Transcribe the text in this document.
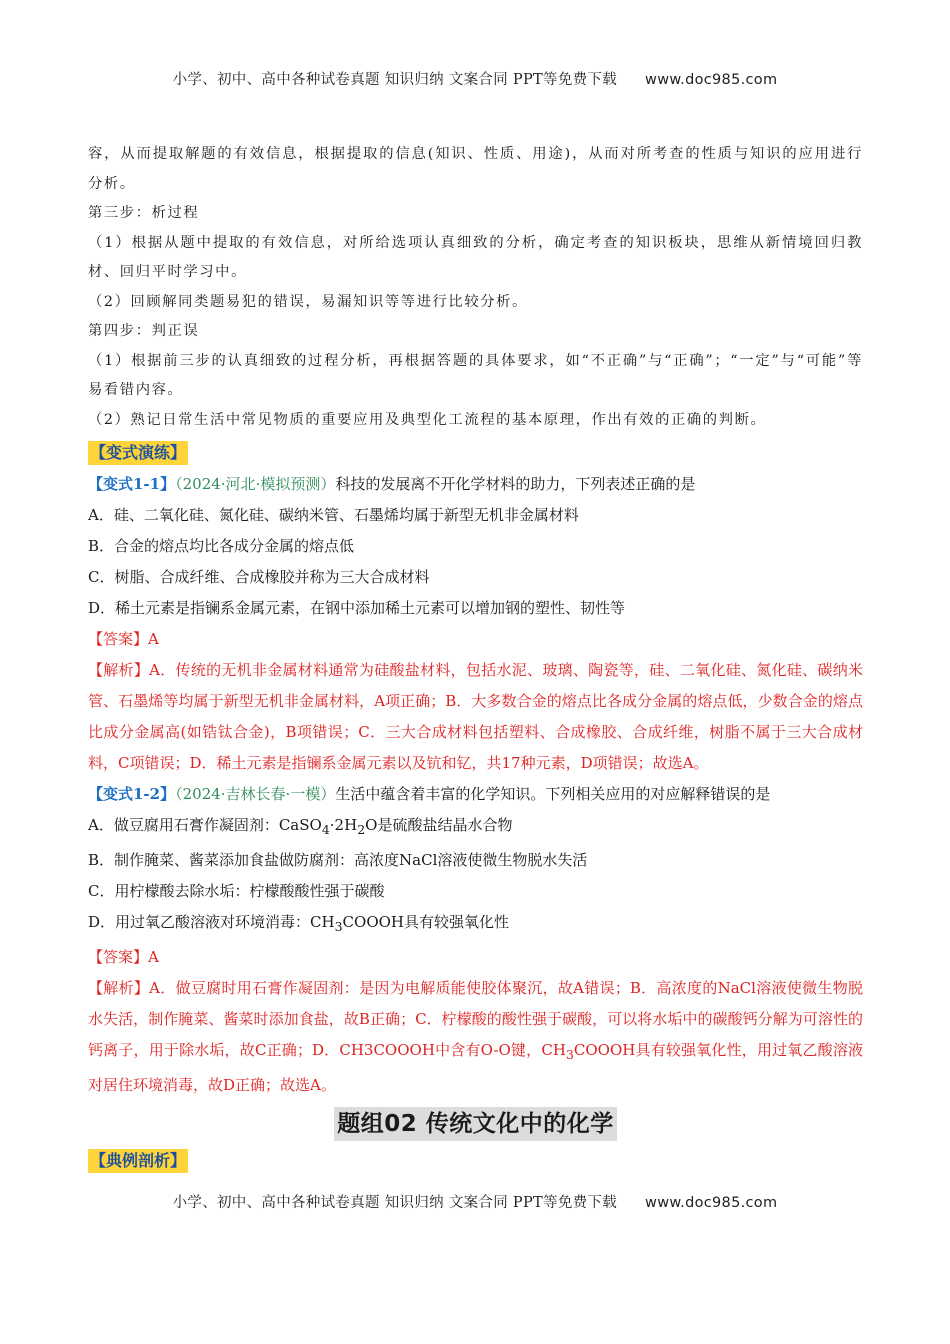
小学、初中、高中各种试卷真题 知识归纳 文案合同 PPT等免费下载 www.doc985.com

容，从而提取解题的有效信息，根据提取的信息(知识、性质、用途)，从而对所考查的性质与知识的应用进行分析。

第三步：析过程

（1）根据从题中提取的有效信息，对所给选项认真细致的分析，确定考查的知识板块，思维从新情境回归教材、回归平时学习中。

（2）回顾解同类题易犯的错误，易漏知识等等进行比较分析。

第四步：判正误

（1）根据前三步的认真细致的过程分析，再根据答题的具体要求，如“不正确”与“正确”；“一定”与“可能”等易看错内容。

（2）熟记日常生活中常见物质的重要应用及典型化工流程的基本原理，作出有效的正确的判断。

【变式演练】

【变式1-1】（2024·河北·模拟预测）科技的发展离不开化学材料的助力，下列表述正确的是

A．硅、二氧化硅、氮化硅、碳纳米管、石墨烯均属于新型无机非金属材料

B．合金的熔点均比各成分金属的熔点低

C．树脂、合成纤维、合成橡胶并称为三大合成材料

D．稀土元素是指镧系金属元素，在钢中添加稀土元素可以增加钢的塑性、韧性等

【答案】A

【解析】A．传统的无机非金属材料通常为硅酸盐材料，包括水泥、玻璃、陶瓷等，硅、二氧化硅、氮化硅、碳纳米管、石墨烯等均属于新型无机非金属材料，A项正确；B．大多数合金的熔点比各成分金属的熔点低，少数合金的熔点比成分金属高(如锆钛合金)，B项错误；C．三大合成材料包括塑料、合成橡胶、合成纤维，树脂不属于三大合成材料，C项错误；D．稀土元素是指镧系金属元素以及钪和钇，共17种元素，D项错误；故选A。

【变式1-2】（2024·吉林长春·一模）生活中蕴含着丰富的化学知识。下列相关应用的对应解释错误的是

A．做豆腐用石膏作凝固剂：$CaSO_4\cdot 2H_2O$是硫酸盐结晶水合物

B．制作腌菜、酱菜添加食盐做防腐剂：高浓度NaCl溶液使微生物脱水失活

C．用柠檬酸去除水垢：柠檬酸酸性强于碳酸

D．用过氧乙酸溶液对环境消毒：$CH_3COOOH$具有较强氧化性

【答案】A

【解析】A．做豆腐时用石膏作凝固剂：是因为电解质能使胶体聚沉，故A错误；B．高浓度的NaCl溶液使微生物脱水失活，制作腌菜、酱菜时添加食盐，故B正确；C．柠檬酸的酸性强于碳酸，可以将水垢中的碳酸钙分解为可溶性的钙离子，用于除水垢，故C正确；D．CH3COOOH中含有O-O键，$CH_3COOOH$具有较强氧化性，用过氧乙酸溶液对居住环境消毒，故D正确；故选A。

题组02 传统文化中的化学
【典例剖析】
小学、初中、高中各种试卷真题 知识归纳 文案合同 PPT等免费下载 www.doc985.com
